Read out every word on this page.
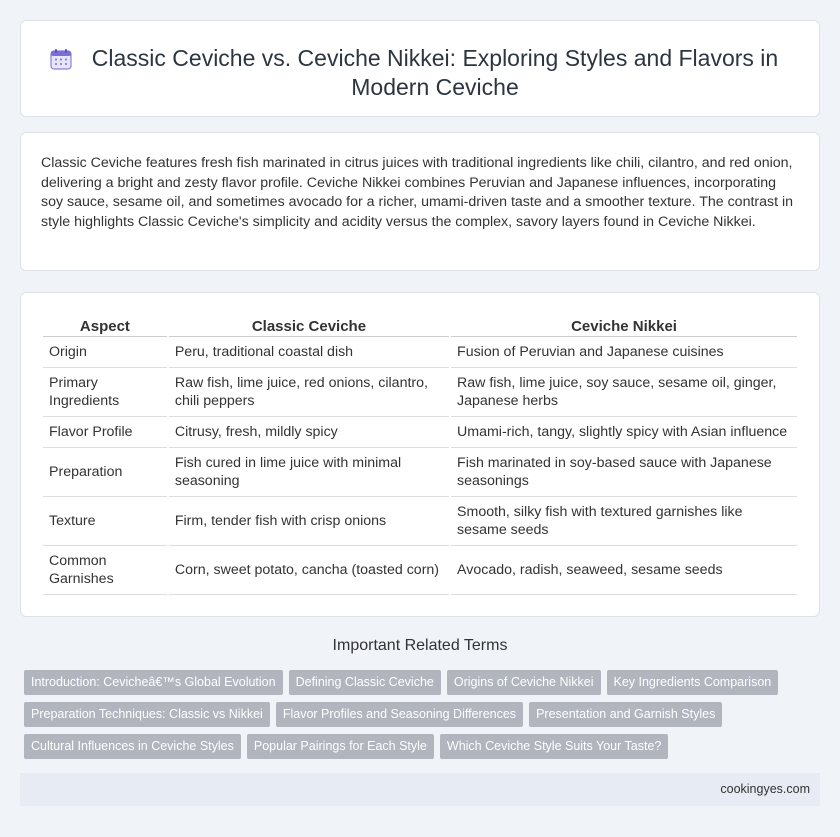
Classic Ceviche vs. Ceviche Nikkei: Exploring Styles and Flavors in
Modern Ceviche

Classic Ceviche features fresh fish marinated in citrus juices with traditional ingredients like chili, cilantro, and red onion, delivering a bright and zesty flavor profile. Ceviche Nikkei combines Peruvian and Japanese influences, incorporating soy sauce, sesame oil, and sometimes avocado for a richer, umami-driven taste and a smoother texture. The contrast in style highlights Classic Ceviche's simplicity and acidity versus the complex, savory layers found in Ceviche Nikkei.

Aspect	Classic Ceviche	Ceviche Nikkei
Origin	Peru, traditional coastal dish	Fusion of Peruvian and Japanese cuisines
Primary Ingredients	Raw fish, lime juice, red onions, cilantro, chili peppers	Raw fish, lime juice, soy sauce, sesame oil, ginger, Japanese herbs
Flavor Profile	Citrusy, fresh, mildly spicy	Umami-rich, tangy, slightly spicy with Asian influence
Preparation	Fish cured in lime juice with minimal seasoning	Fish marinated in soy-based sauce with Japanese seasonings
Texture	Firm, tender fish with crisp onions	Smooth, silky fish with textured garnishes like sesame seeds
Common Garnishes	Corn, sweet potato, cancha (toasted corn)	Avocado, radish, seaweed, sesame seeds
Important Related Terms
Introduction: Cevicheâ€™s Global Evolution Defining Classic Ceviche Origins of Ceviche Nikkei Key Ingredients Comparison
Preparation Techniques: Classic vs Nikkei Flavor Profiles and Seasoning Differences Presentation and Garnish Styles
Cultural Influences in Ceviche Styles Popular Pairings for Each Style Which Ceviche Style Suits Your Taste?
cookingyes.com
